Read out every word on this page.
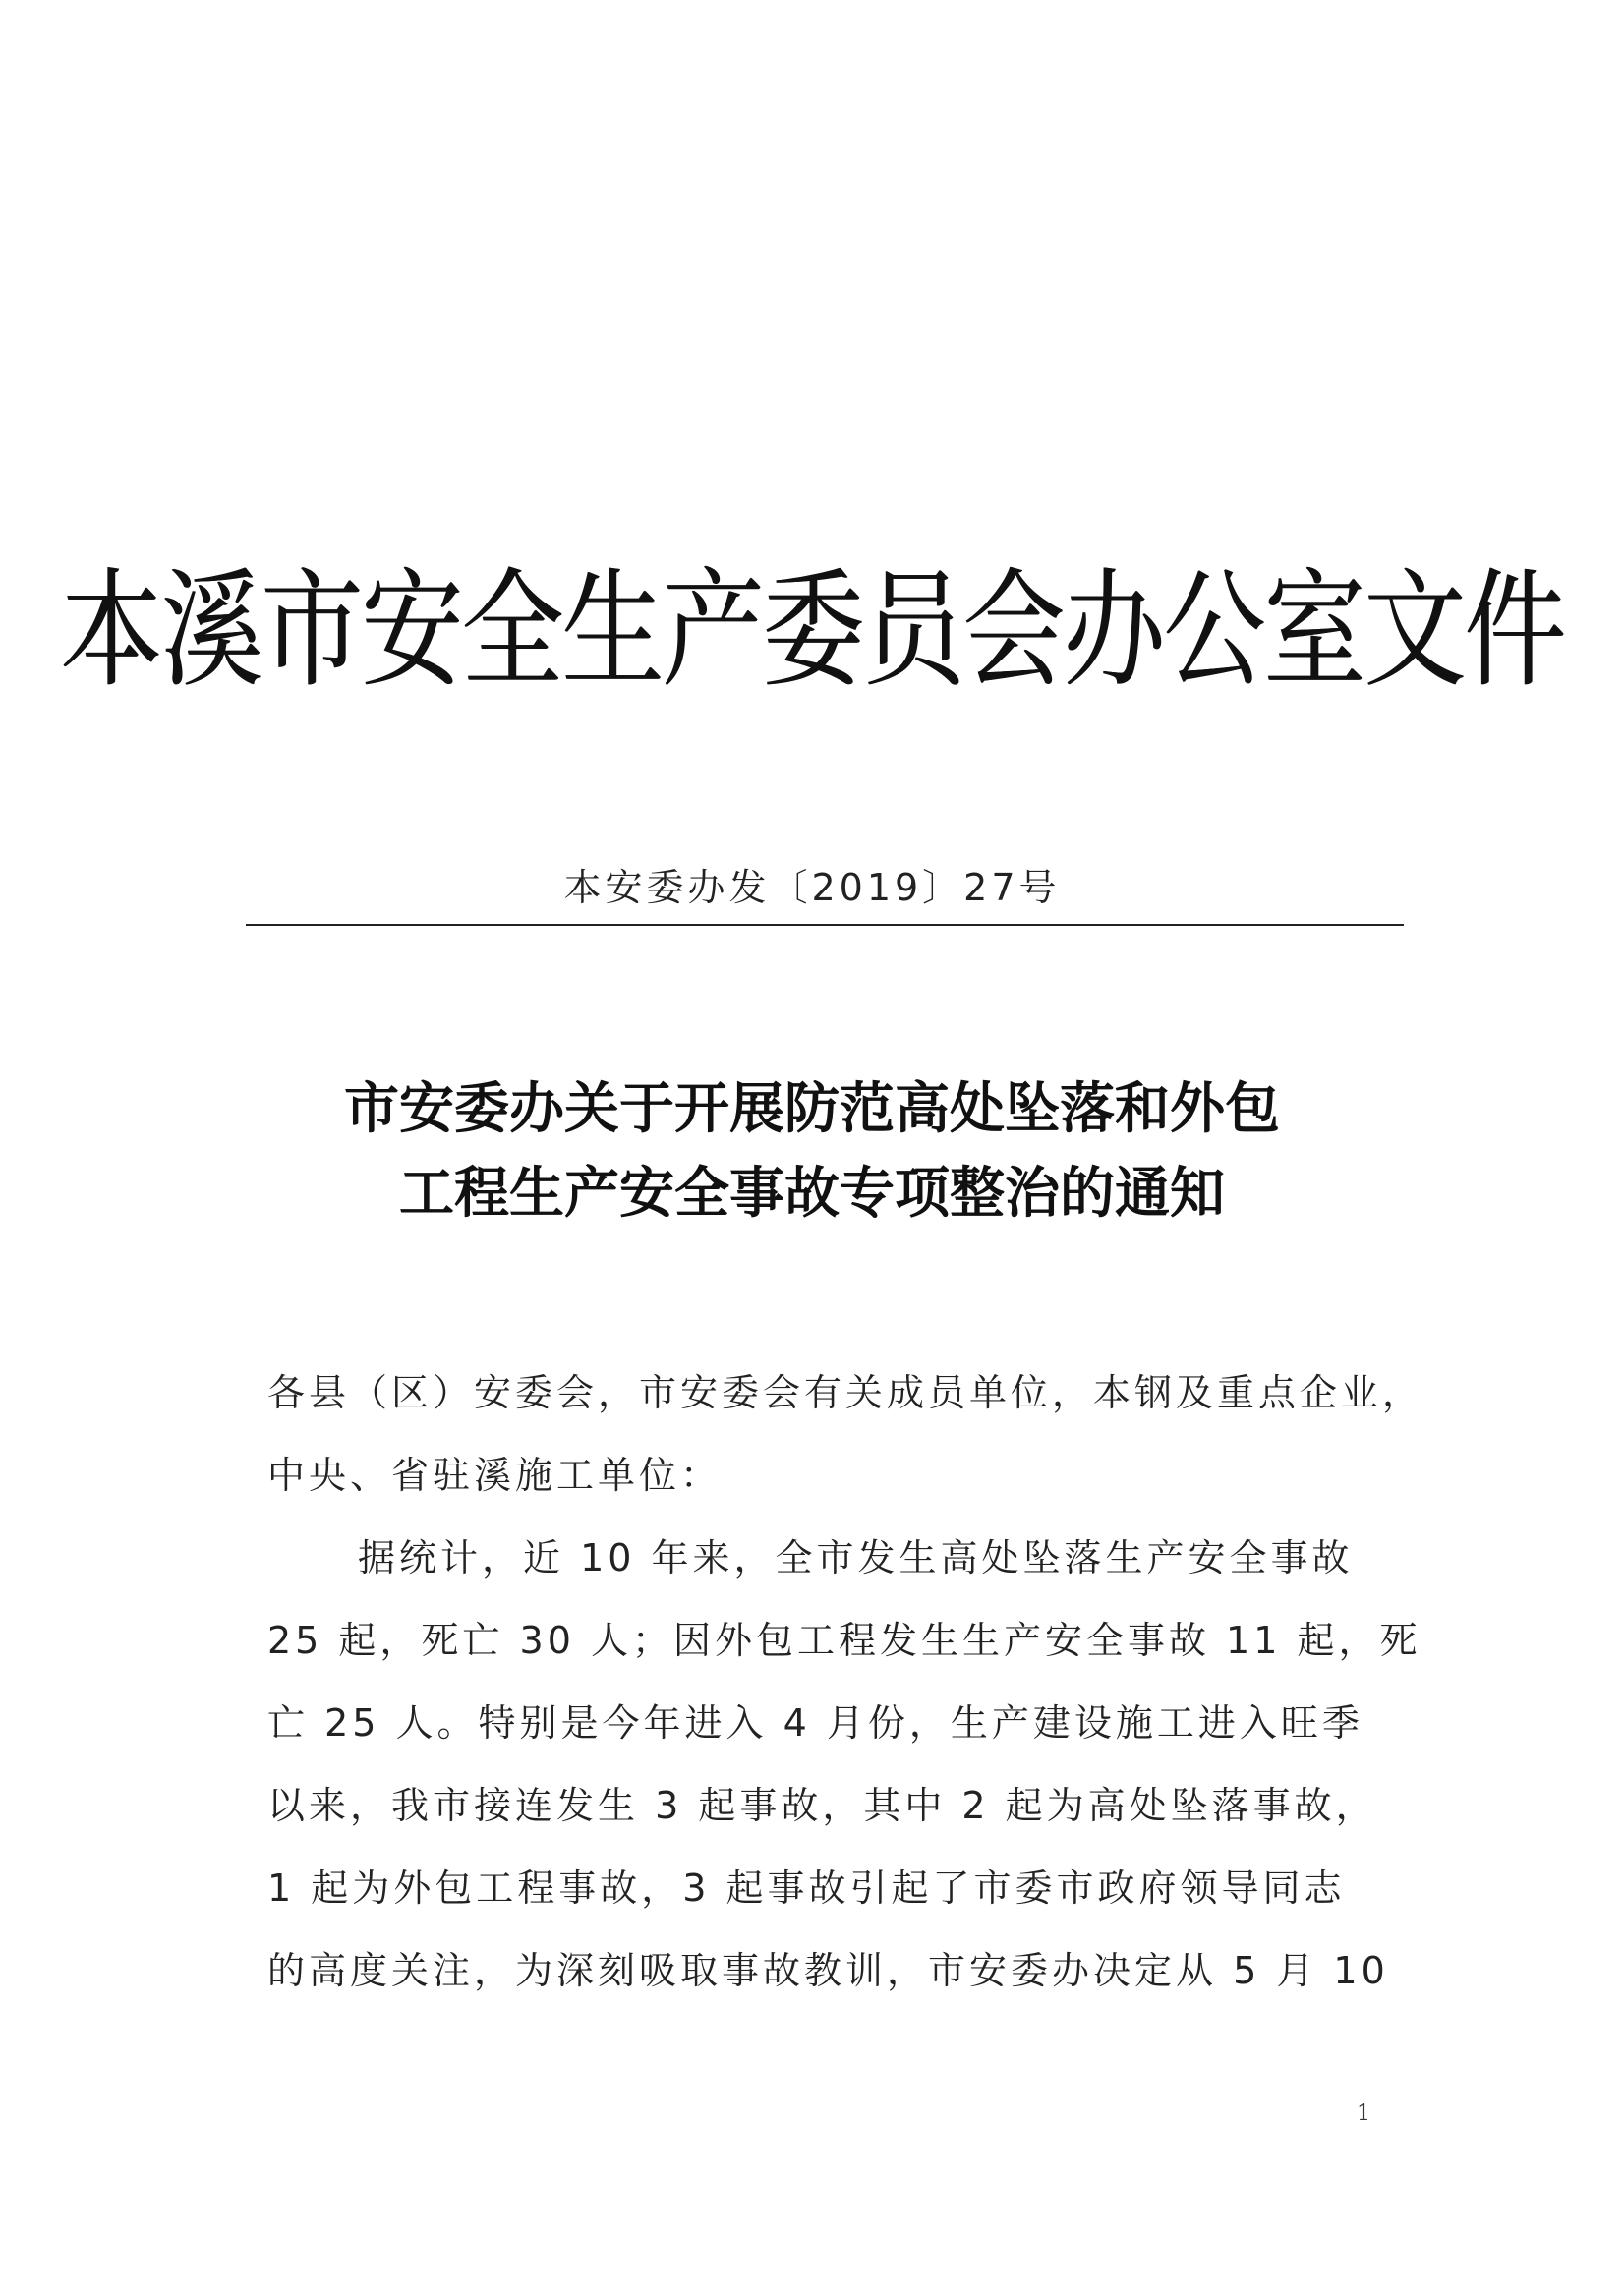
本溪市安全生产委员会办公室文件
本安委办发〔2019〕27号
市安委办关于开展防范高处坠落和外包
工程生产安全事故专项整治的通知
各县（区）安委会，市安委会有关成员单位，本钢及重点企业，
中央、省驻溪施工单位：
据统计，近 10 年来，全市发生高处坠落生产安全事故
25 起，死亡 30 人；因外包工程发生生产安全事故 11 起，死
亡 25 人。特别是今年进入 4 月份，生产建设施工进入旺季
以来，我市接连发生 3 起事故，其中 2 起为高处坠落事故，
1 起为外包工程事故，3 起事故引起了市委市政府领导同志
的高度关注，为深刻吸取事故教训，市安委办决定从 5 月 10
1
